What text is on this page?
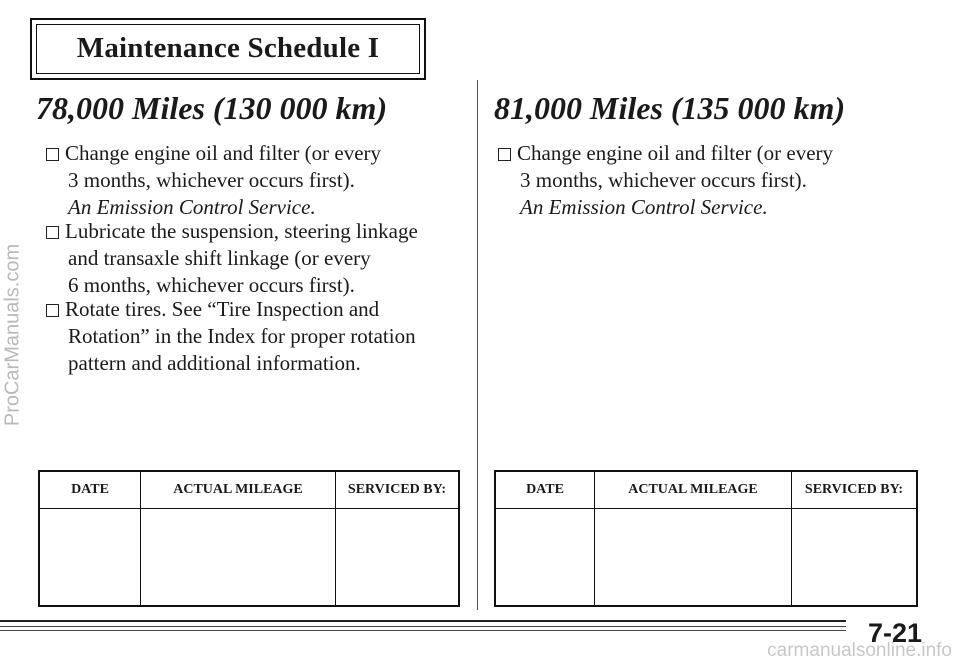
ProCarManuals.com
Maintenance Schedule I
78,000 Miles (130 000 km)
Change engine oil and filter (or every
3 months, whichever occurs first).
An Emission Control Service.
Lubricate the suspension, steering linkage
and transaxle shift linkage (or every
6 months, whichever occurs first).
Rotate tires. See “Tire Inspection and
Rotation” in the Index for proper rotation
pattern and additional information.
DATE	ACTUAL MILEAGE	SERVICED BY:

81,000 Miles (135 000 km)
Change engine oil and filter (or every
3 months, whichever occurs first).
An Emission Control Service.
DATE	ACTUAL MILEAGE	SERVICED BY:

7-21
carmanualsonline.info
